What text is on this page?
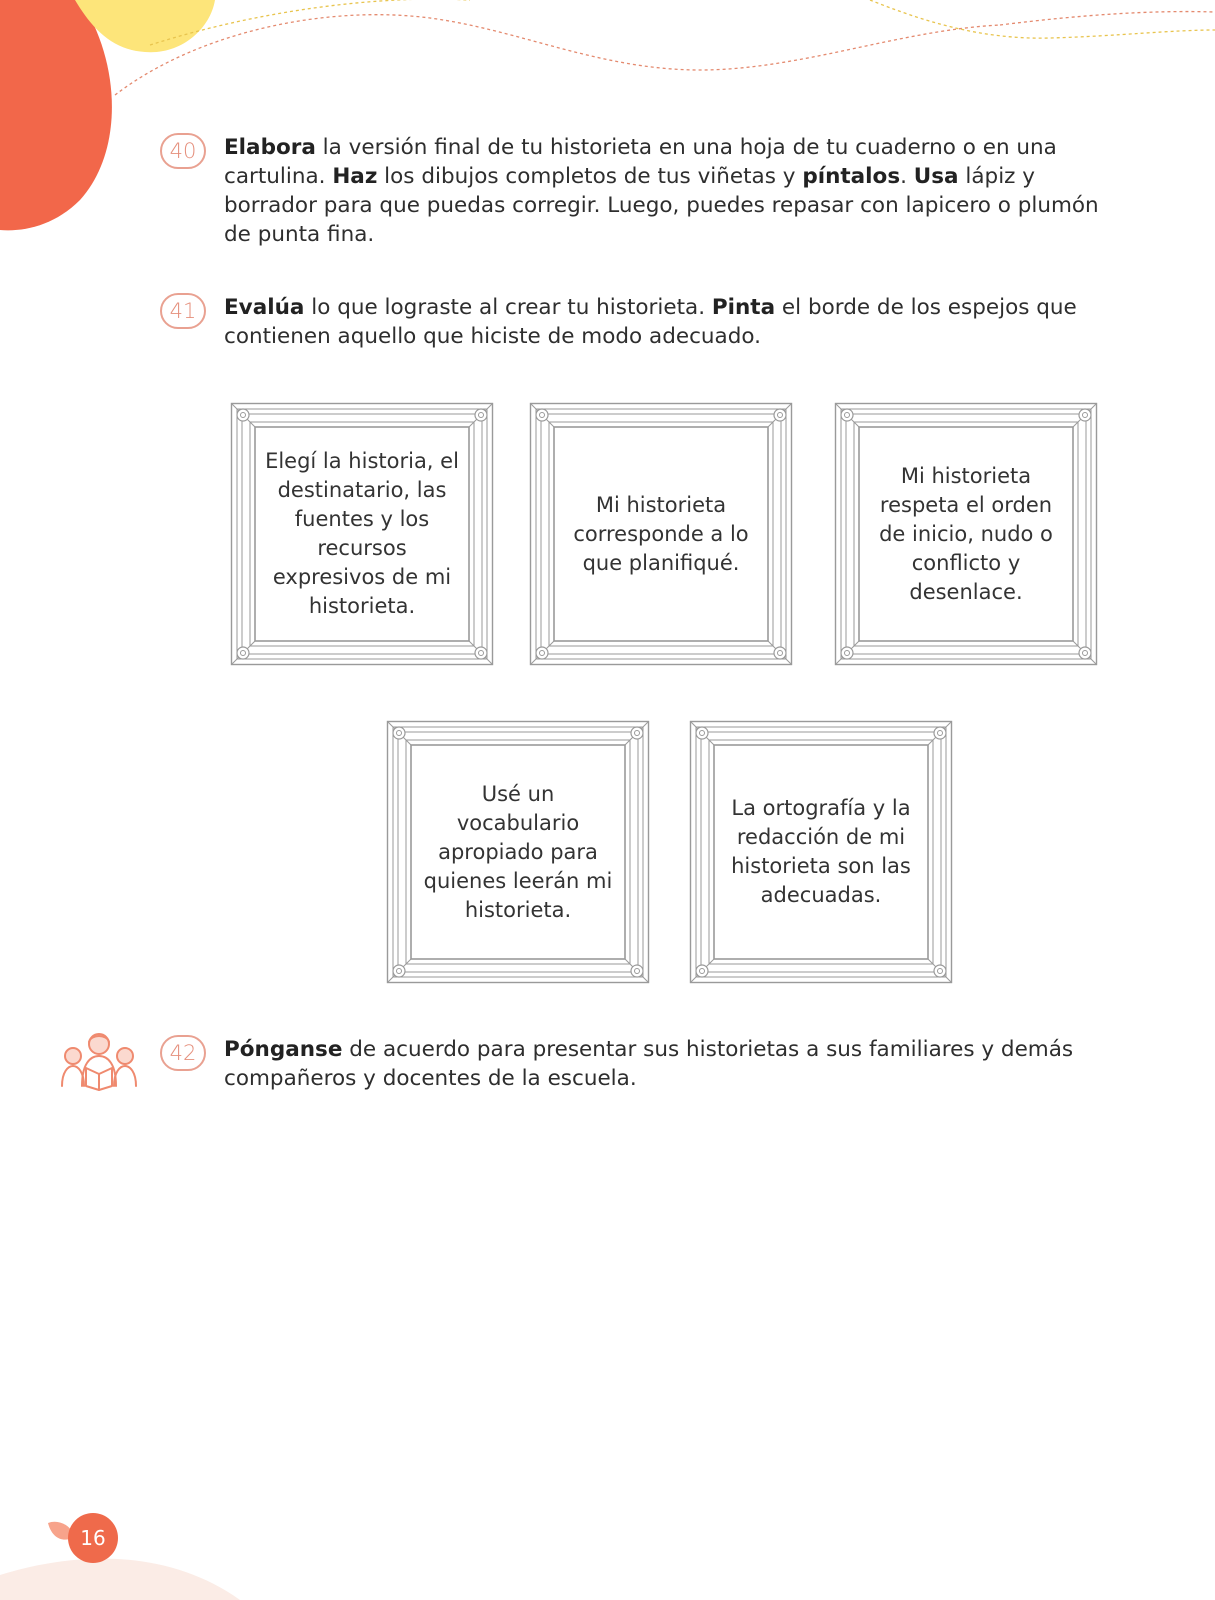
40	Elabora la versión final de tu historieta en una hoja de tu cuaderno o en una cartulina. Haz los dibujos completos de tus viñetas y píntalos. Usa lápiz y borrador para que puedas corregir. Luego, puedes repasar con lapicero o plumón de punta fina.

41	Evalúa lo que lograste al crear tu historieta. Pinta el borde de los espejos que contienen aquello que hiciste de modo adecuado.

Elegí la historia, el destinatario, las fuentes y los recursos expresivos de mi historieta.
Mi historieta corresponde a lo que planifiqué.
Mi historieta respeta el orden de inicio, nudo o conflicto y desenlace.
Usé un vocabulario apropiado para quienes leerán mi historieta.
La ortografía y la redacción de mi historieta son las adecuadas.
42	Pónganse de acuerdo para presentar sus historietas a sus familiares y demás compañeros y docentes de la escuela.

16
